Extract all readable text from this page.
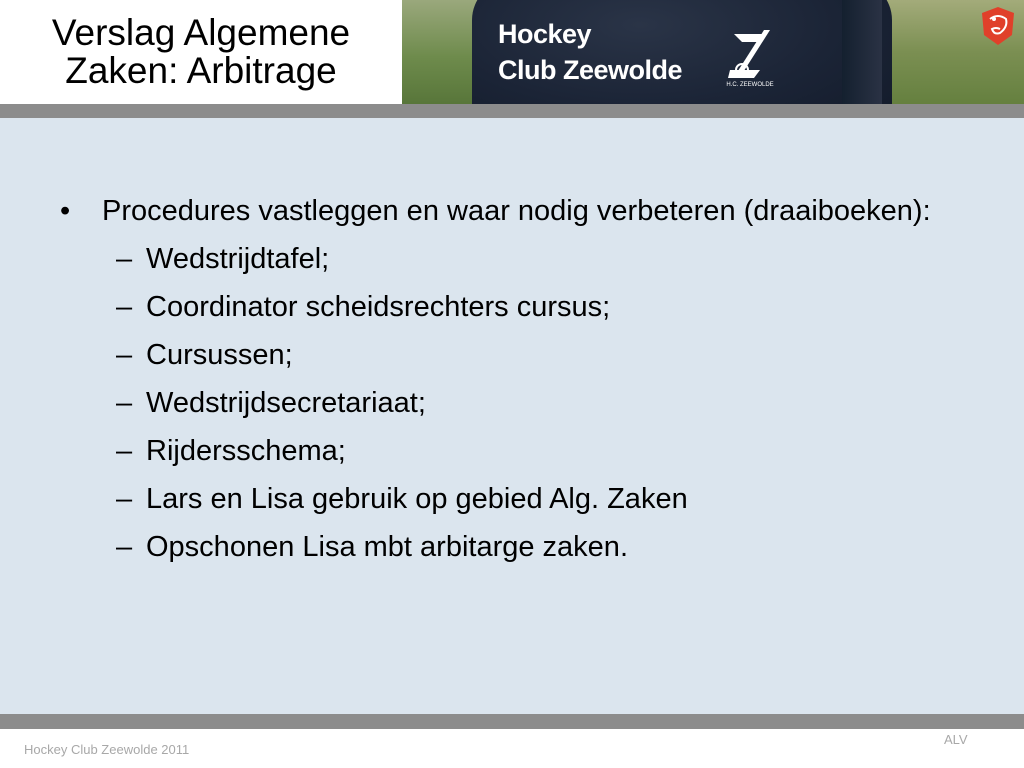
Verslag Algemene
Zaken: Arbitrage
Hockey
Club Zeewolde	H.C. ZEEWOLDE
• Procedures vastleggen en waar nodig verbeteren (draaiboeken):
– Wedstrijdtafel;
– Coordinator scheidsrechters cursus;
– Cursussen;
– Wedstrijdsecretariaat;
– Rijdersschema;
– Lars en Lisa gebruik op gebied Alg. Zaken
– Opschonen Lisa mbt arbitarge zaken.
Hockey Club Zeewolde 2011
ALV
